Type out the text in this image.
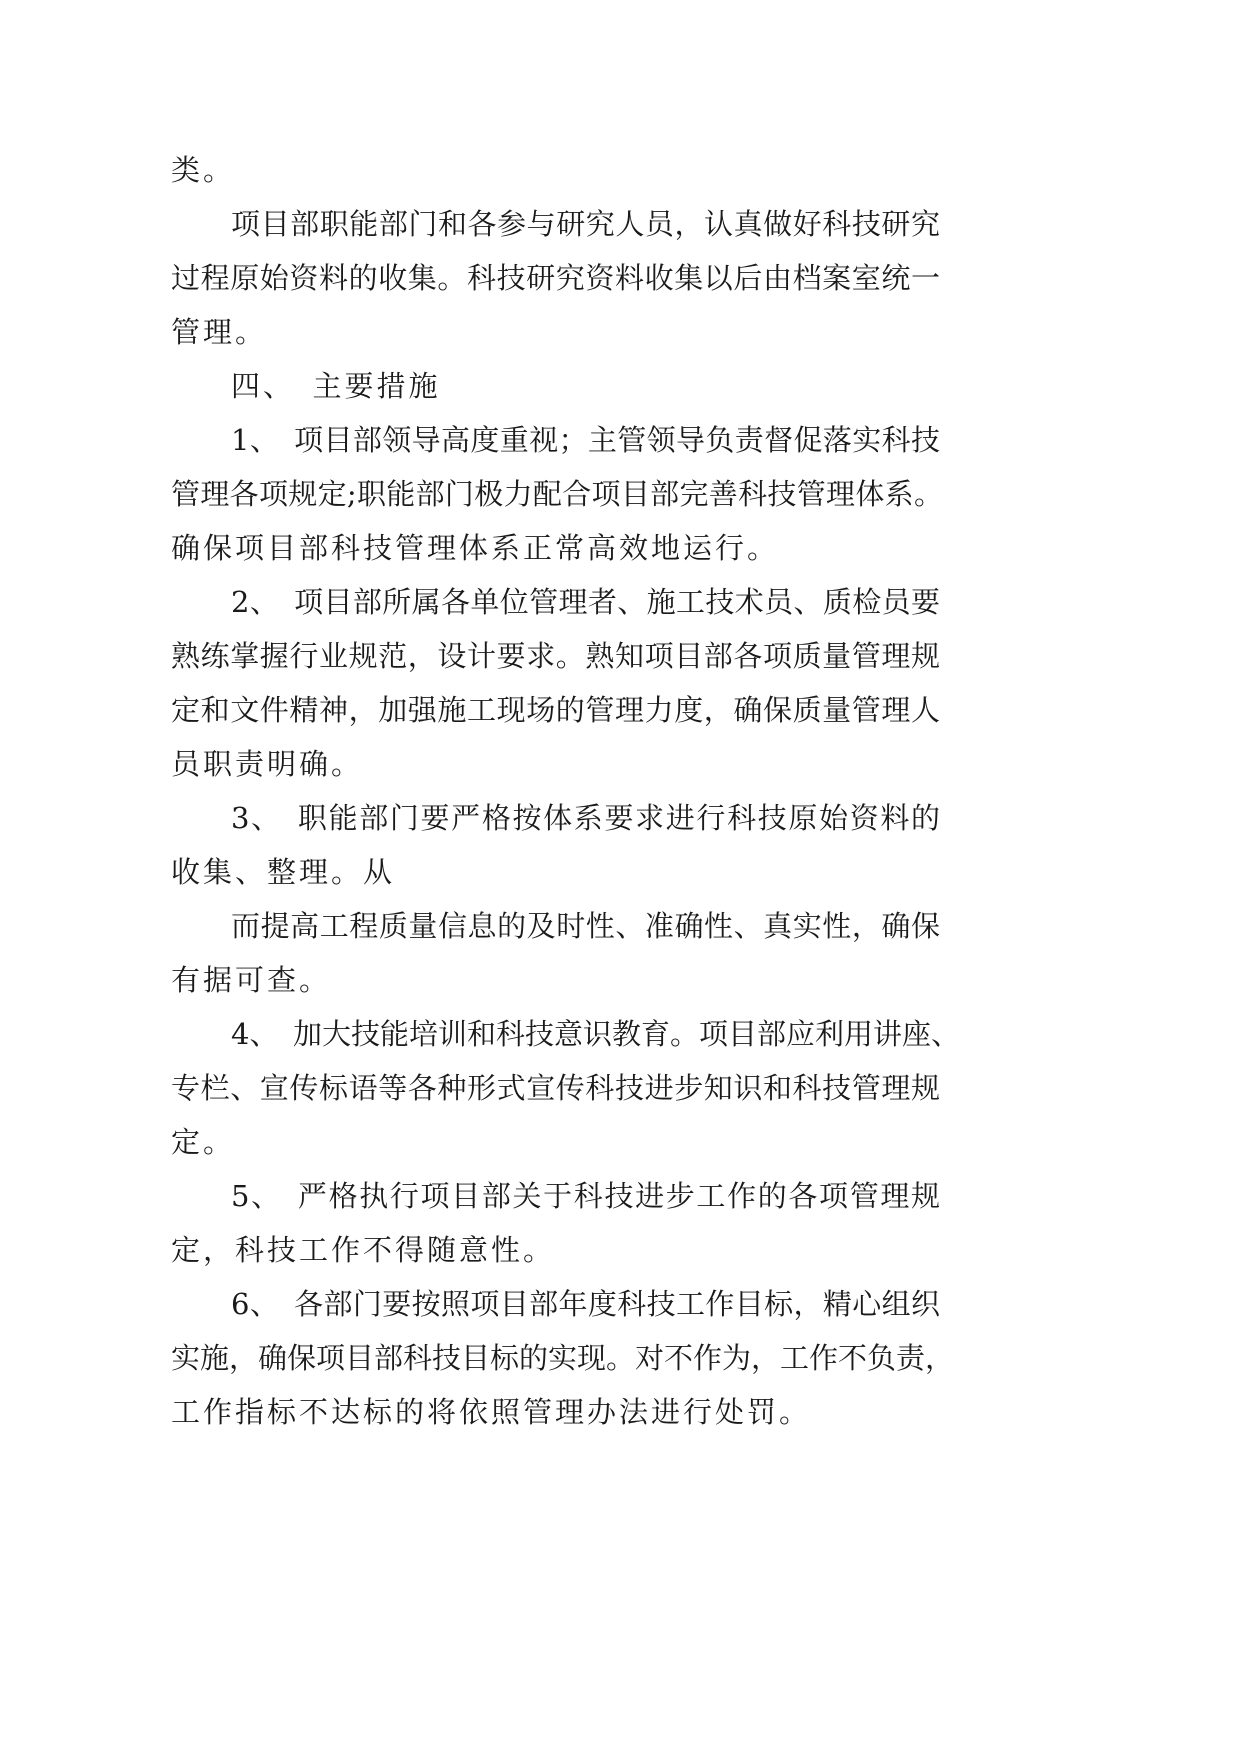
类。
项目部职能部门和各参与研究人员，认真做好科技研究
过程原始资料的收集。科技研究资料收集以后由档案室统一
管理。
四、　主要措施
1、　项目部领导高度重视；主管领导负责督促落实科技
管理各项规定;职能部门极力配合项目部完善科技管理体系。
确保项目部科技管理体系正常高效地运行。
2、　项目部所属各单位管理者、施工技术员、质检员要
熟练掌握行业规范，设计要求。熟知项目部各项质量管理规
定和文件精神，加强施工现场的管理力度，确保质量管理人
员职责明确。
3、　职能部门要严格按体系要求进行科技原始资料的
收集、整理。从
而提高工程质量信息的及时性、准确性、真实性，确保
有据可查。
4、　加大技能培训和科技意识教育。项目部应利用讲座、
专栏、宣传标语等各种形式宣传科技进步知识和科技管理规
定。
5、　严格执行项目部关于科技进步工作的各项管理规
定，科技工作不得随意性。
6、　各部门要按照项目部年度科技工作目标，精心组织
实施，确保项目部科技目标的实现。对不作为，工作不负责，
工作指标不达标的将依照管理办法进行处罚。
